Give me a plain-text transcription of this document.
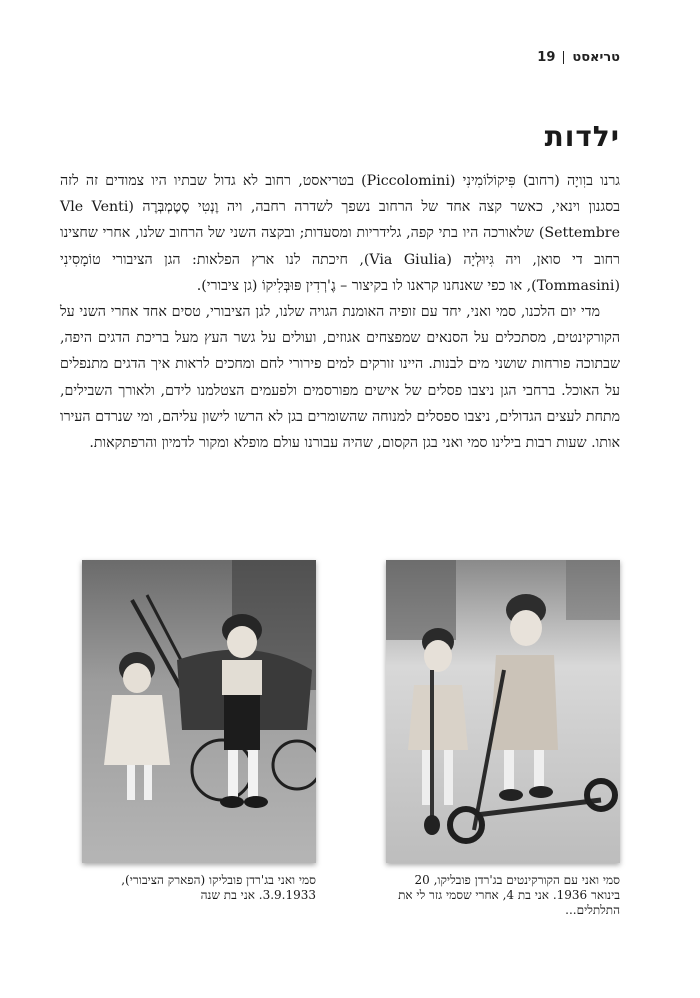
טריאסט
19
ילדות

גרנו בוִויָה (רחוב) פִּיקוֹלוֹמִינִי (Piccolomini) בטריאסט, רחוב לא גדול שבתיו היו צמודים זה לזה בסגנון וינאי, כאשר קצה אחד של הרחוב נשפך לשדרה רחבה, ויה וֶנְטִי סֶטֶמְבְּרֶה (Vle Venti Settembre) שלאורכה היו בתי קפה, גלידריות ומסעדות; ובקצה השני של הרחוב שלנו, אחרי שחצינו רחוב די סואן, ויה גִּיוּלְיָה (Via Giulia), חיכתה לנו ארץ הפלאות: הגן הציבורי טוֹמָסִינִי (Tommasini), או כפי שאנחנו קראנו לו בקיצור – גֶ'רְדִין פּוּבְּלִיקוֹ (גן ציבורי).

מדי יום הלכנו, סמי ואני, יחד עם זופיה האומנת הגויה שלנו, לגן הציבורי, טסים אחד אחרי השני על הקורקינטים, מסתכלים על הסנאים שמפצחים אגוזים, ועולים על גשר העץ מעל בריכת הדגים היפה, שבתוכה פורחות שושני מים לבנות. היינו זורקים למים פירורי לחם ומחכים לראות איך הדגים מתנפלים על האוכל. ברחבי הגן ניצבו פסלים של אישים מפורסמים ולפעמים הצטלמנו לידם, ולאורך השבילים, מתחת לעצים הגדולים, ניצבו ספסלים למנוחה שהשומרים בגן לא הרשו לישון עליהם, ומי שנרדם העירו אותו. שעות רבות בילינו סמי ואני בגן הקסום, שהיה עבורנו עולם מופלא ומקור לדמיון והרפתקאות.

סמי ואני עם הקורקינטים בג'רדן פובליקו, 20 בינואר 1936. אני בת 4, אחרי שסמי גזר לי את התלתלים...
סמי ואני בג'רדן פובליקו (הפארק הציבורי), 3.9.1933. אני בת שנה
